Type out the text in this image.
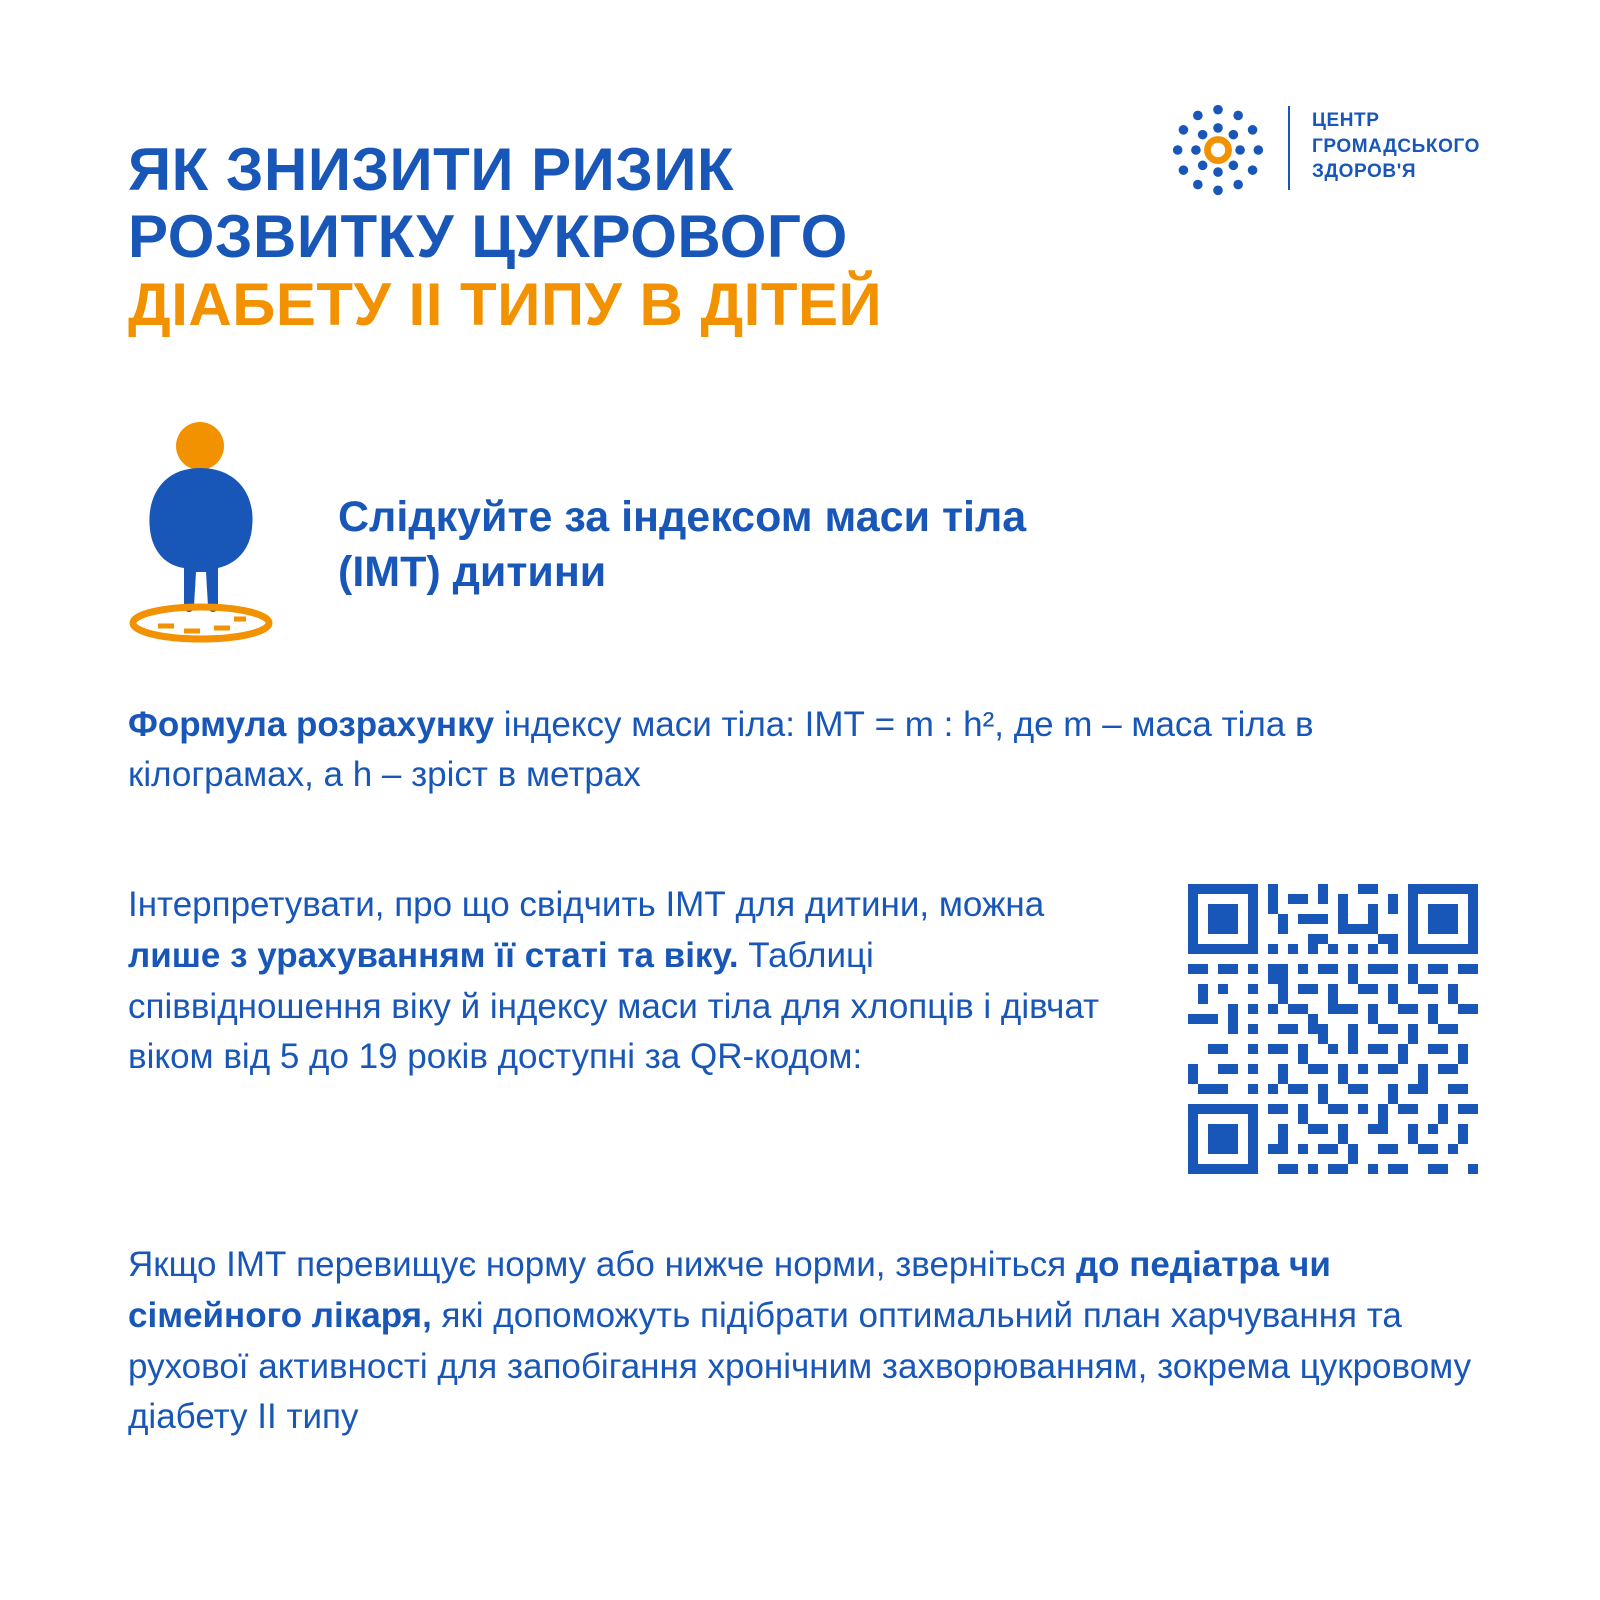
ЯК ЗНИЗИТИ РИЗИК
РОЗВИТКУ ЦУКРОВОГО
ДІАБЕТУ II ТИПУ В ДІТЕЙ
ЦЕНТР
ГРОМАДСЬКОГО
ЗДОРОВ'Я
Слідкуйте за індексом маси тіла (ІМТ) дитини
Формула розрахунку індексу маси тіла: ІМТ = m : h², де m – маса тіла в кілограмах, а h – зріст в метрах
Інтерпретувати, про що свідчить ІМТ для дитини, можна лише з урахуванням її статі та віку. Таблиці співвідношення віку й індексу маси тіла для хлопців і дівчат віком від 5 до 19 років доступні за QR-кодом:
Якщо ІМТ перевищує норму або нижче норми, зверніться до педіатра чи сімейного лікаря, які допоможуть підібрати оптимальний план харчування та рухової активності для запобігання хронічним захворюванням, зокрема цукровому діабету II типу
